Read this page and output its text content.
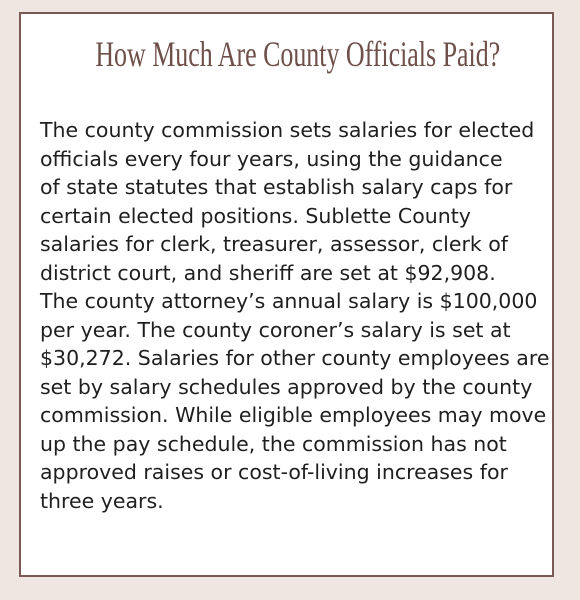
How Much Are County Officials Paid?

The county commission sets salaries for elected
officials every four years, using the guidance
of state statutes that establish salary caps for
certain elected positions. Sublette County
salaries for clerk, treasurer, assessor, clerk of
district court, and sheriff are set at $92,908.
The county attorney’s annual salary is $100,000
per year. The county coroner’s salary is set at
$30,272. Salaries for other county employees are
set by salary schedules approved by the county
commission. While eligible employees may move
up the pay schedule, the commission has not
approved raises or cost-of-living increases for
three years.
